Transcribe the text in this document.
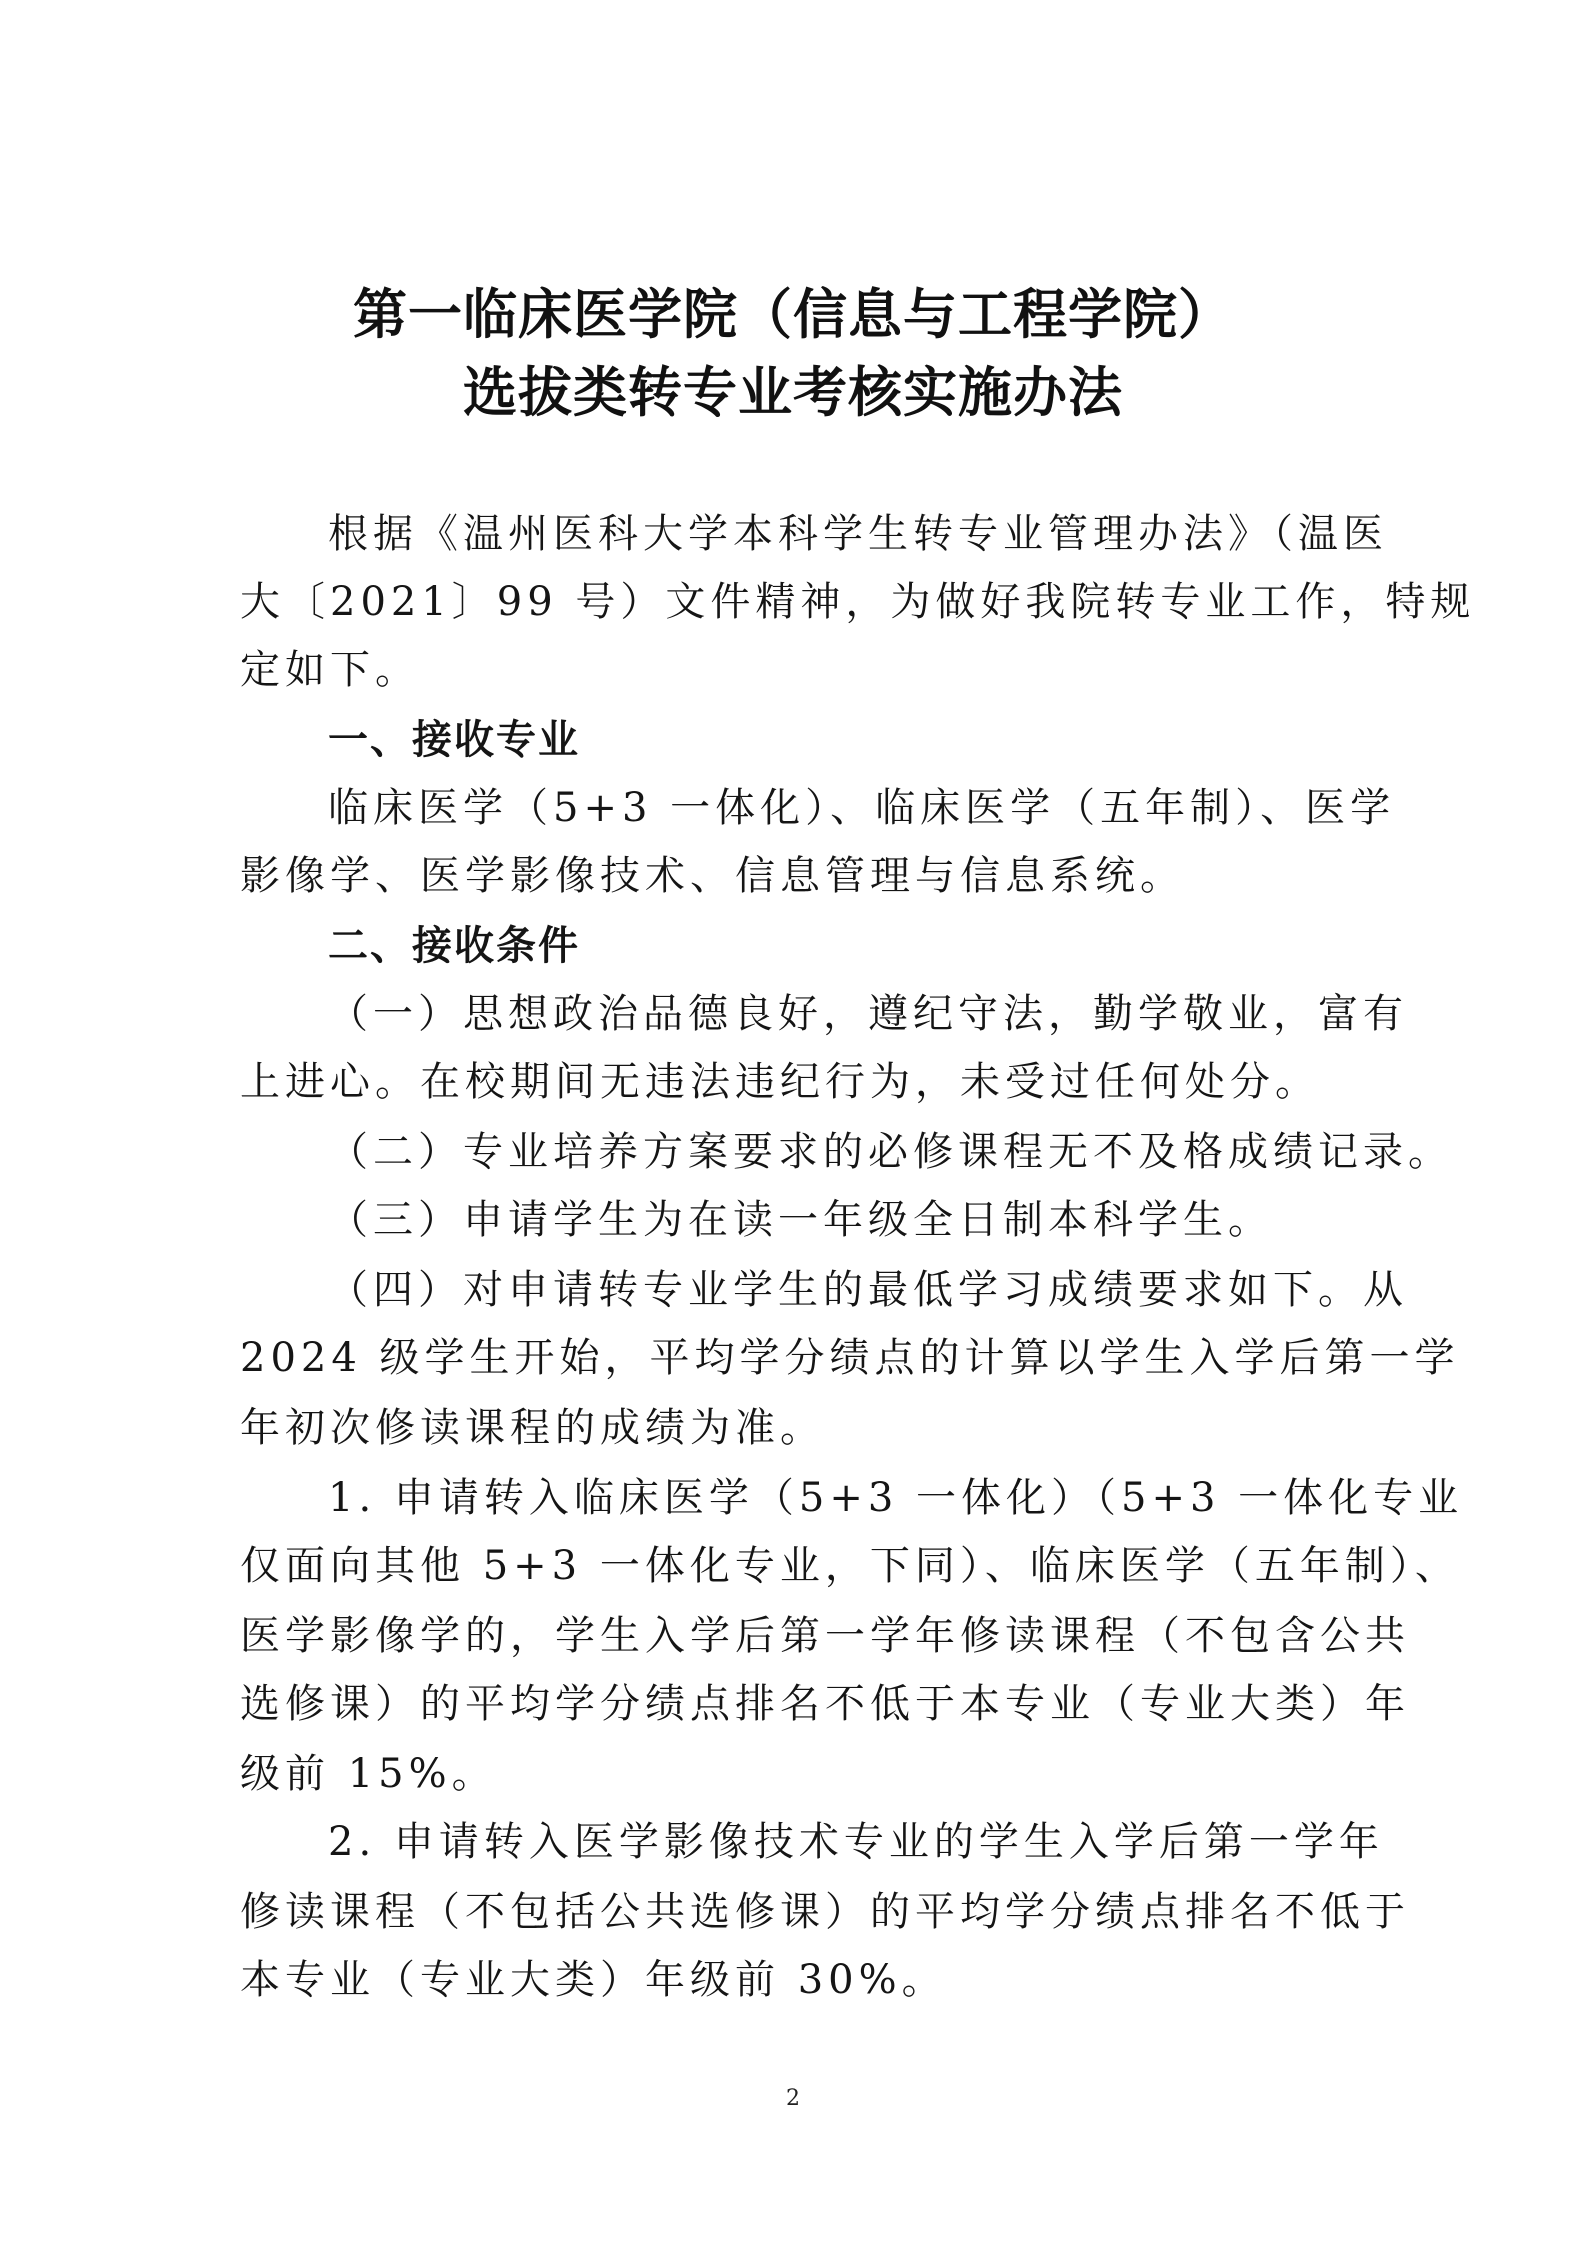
第一临床医学院（信息与工程学院）
选拔类转专业考核实施办法
根据《温州医科大学本科学生转专业管理办法》（温医
大〔2021〕99 号）文件精神，为做好我院转专业工作，特规
定如下。
一、接收专业
临床医学（5+3 一体化）、临床医学（五年制）、医学
影像学、医学影像技术、信息管理与信息系统。
二、接收条件
（一）思想政治品德良好，遵纪守法，勤学敬业，富有
上进心。在校期间无违法违纪行为，未受过任何处分。
（二）专业培养方案要求的必修课程无不及格成绩记录。
（三）申请学生为在读一年级全日制本科学生。
（四）对申请转专业学生的最低学习成绩要求如下。从
2024 级学生开始，平均学分绩点的计算以学生入学后第一学
年初次修读课程的成绩为准。
1. 申请转入临床医学（5+3 一体化）（5+3 一体化专业
仅面向其他 5+3 一体化专业，下同）、临床医学（五年制）、
医学影像学的，学生入学后第一学年修读课程（不包含公共
选修课）的平均学分绩点排名不低于本专业（专业大类）年
级前 15%。
2. 申请转入医学影像技术专业的学生入学后第一学年
修读课程（不包括公共选修课）的平均学分绩点排名不低于
本专业（专业大类）年级前 30%。
2
